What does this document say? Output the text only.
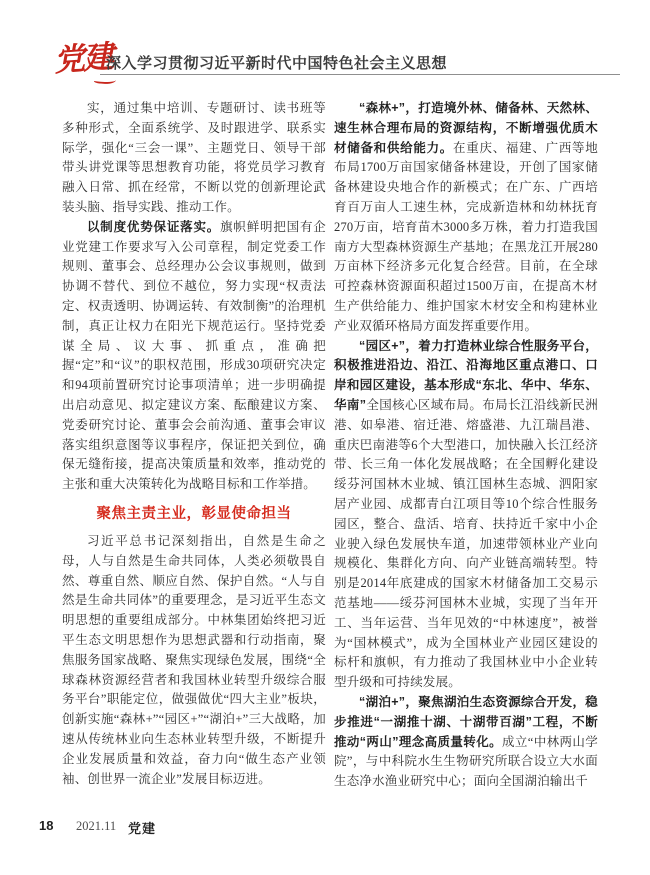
党建
深入学习贯彻习近平新时代中国特色社会主义思想

实，通过集中培训、专题研讨、读书班等多种形式，全面系统学、及时跟进学、联系实际学，强化“三会一课”、主题党日、领导干部带头讲党课等思想教育功能，将党员学习教育融入日常、抓在经常，不断以党的创新理论武装头脑、指导实践、推动工作。

以制度优势保证落实。旗帜鲜明把国有企业党建工作要求写入公司章程，制定党委工作规则、董事会、总经理办公会议事规则，做到协调不替代、到位不越位，努力实现“权责法定、权责透明、协调运转、有效制衡”的治理机制，真正让权力在阳光下规范运行。坚持党委谋全局、议大事、抓重点，准确把握“定”和“议”的职权范围，形成30项研究决定和94项前置研究讨论事项清单；进一步明确提出启动意见、拟定建议方案、酝酿建议方案、党委研究讨论、董事会会前沟通、董事会审议落实组织意图等议事程序，保证把关到位，确保无缝衔接，提高决策质量和效率，推动党的主张和重大决策转化为战略目标和工作举措。

聚焦主责主业，彰显使命担当

习近平总书记深刻指出，自然是生命之母，人与自然是生命共同体，人类必须敬畏自然、尊重自然、顺应自然、保护自然。“人与自然是生命共同体”的重要理念，是习近平生态文明思想的重要组成部分。中林集团始终把习近平生态文明思想作为思想武器和行动指南，聚焦服务国家战略、聚焦实现绿色发展，围绕“全球森林资源经营者和我国林业转型升级综合服务平台”职能定位，做强做优“四大主业”板块，创新实施“森林+”“园区+”“湖泊+”三大战略，加速从传统林业向生态林业转型升级，不断提升企业发展质量和效益，奋力向“做生态产业领袖、创世界一流企业”发展目标迈进。

“森林+”，打造境外林、储备林、天然林、速生林合理布局的资源结构，不断增强优质木材储备和供给能力。在重庆、福建、广西等地布局1700万亩国家储备林建设，开创了国家储备林建设央地合作的新模式；在广东、广西培育百万亩人工速生林，完成新造林和幼林抚育270万亩，培育苗木3000多万株，着力打造我国南方大型森林资源生产基地；在黑龙江开展280万亩林下经济多元化复合经营。目前，在全球可控森林资源面积超过1500万亩，在提高木材生产供给能力、维护国家木材安全和构建林业产业双循环格局方面发挥重要作用。

“园区+”，着力打造林业综合性服务平台，积极推进沿边、沿江、沿海地区重点港口、口岸和园区建设，基本形成“东北、华中、华东、华南”全国核心区域布局。布局长江沿线新民洲港、如皋港、宿迁港、熔盛港、九江瑞昌港、重庆巴南港等6个大型港口，加快融入长江经济带、长三角一体化发展战略；在全国孵化建设绥芬河国林木业城、镇江国林生态城、泗阳家居产业园、成都青白江项目等10个综合性服务园区，整合、盘活、培育、扶持近千家中小企业驶入绿色发展快车道，加速带领林业产业向规模化、集群化方向、向产业链高端转型。特别是2014年底建成的国家木材储备加工交易示范基地——绥芬河国林木业城，实现了当年开工、当年运营、当年见效的“中林速度”，被誉为“国林模式”，成为全国林业产业园区建设的标杆和旗帜，有力推动了我国林业中小企业转型升级和可持续发展。

“湖泊+”，聚焦湖泊生态资源综合开发，稳步推进“一湖推十湖、十湖带百湖”工程，不断推动“两山”理念高质量转化。成立“中林两山学院”，与中科院水生生物研究所联合设立大水面生态净水渔业研究中心；面向全国湖泊输出千

18 2021.11 党建
